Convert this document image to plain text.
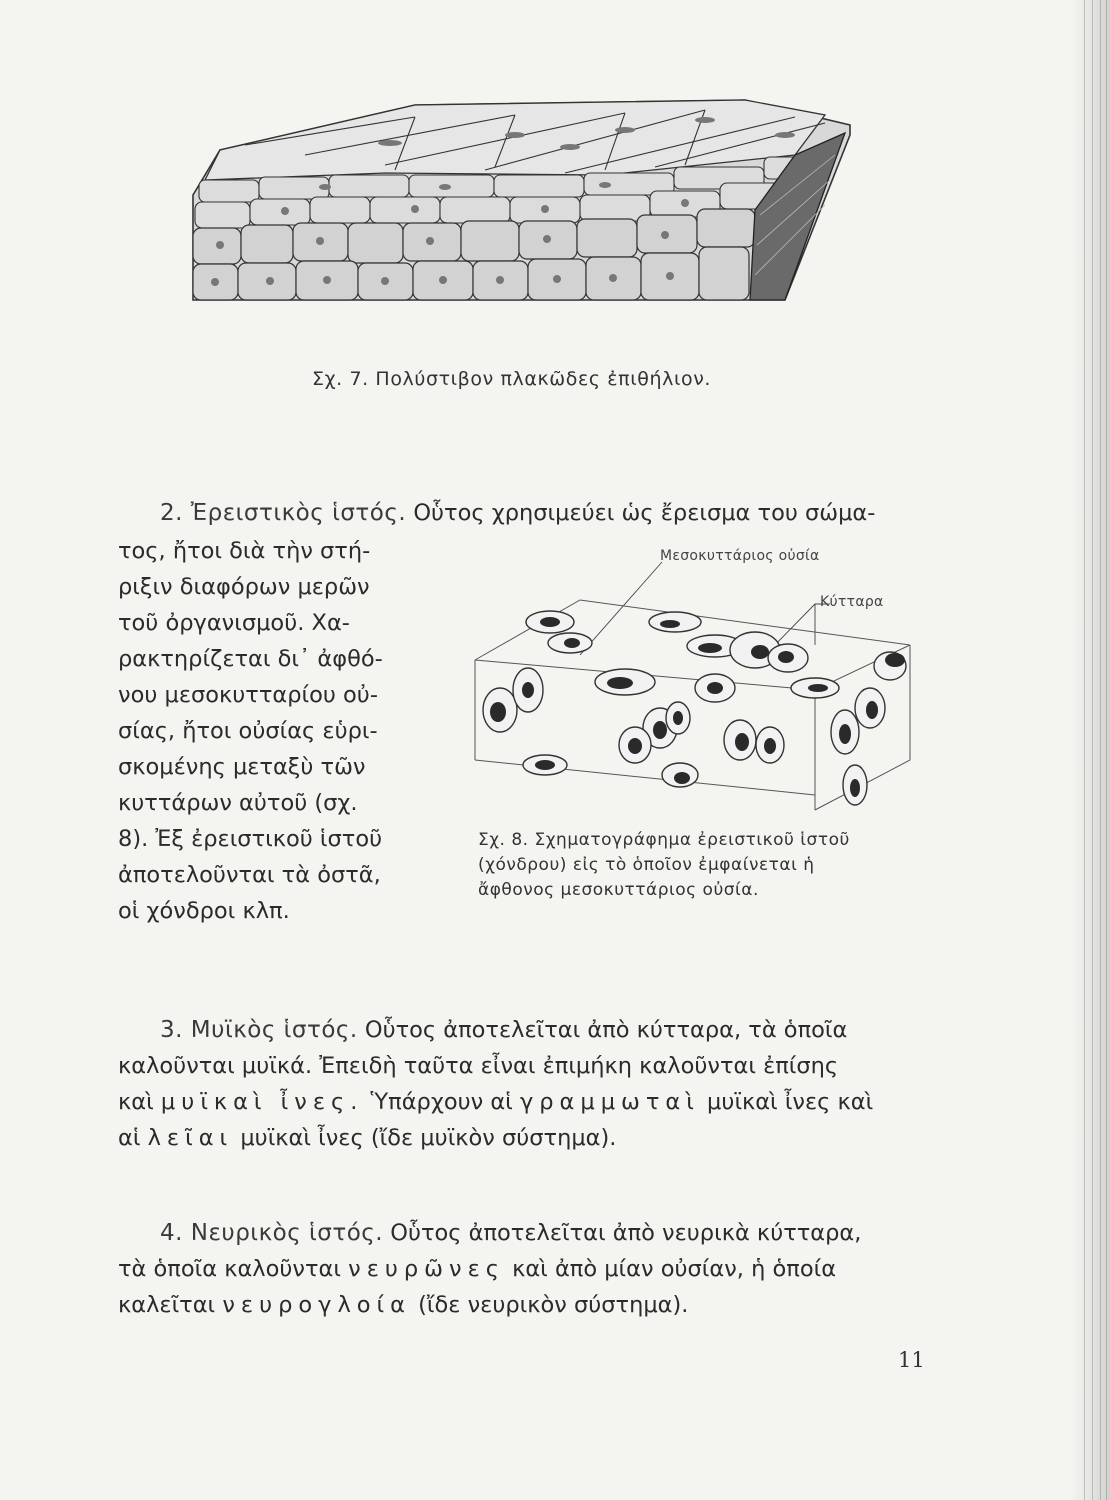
Σχ. 7. Πολύστιβον πλακῶδες ἐπιθήλιον.
2. Ἐρειστικὸς ἱστός. Οὗτος χρησιμεύει ὡς ἔρεισμα του σώμα-
τος, ἤτοι διὰ τὴν στή-
ριξιν διαφόρων μερῶν
τοῦ ὀργανισμοῦ. Χα-
ρακτηρίζεται δι᾿ ἀφθό-
νου μεσοκυτταρίου οὐ-
σίας, ἤτοι οὐσίας εὑρι-
σκομένης μεταξὺ τῶν
κυττάρων αὐτοῦ (σχ.
8). Ἐξ ἐρειστικοῦ ἱστοῦ
ἀποτελοῦνται τὰ ὀστᾶ,
οἱ χόνδροι κλπ.
Μεσοκυττάριος οὐσία
Κύτταρα
Σχ. 8. Σχηματογράφημα ἐρειστικοῦ ἱστοῦ
(χόνδρου) εἰς τὸ ὁποῖον ἐμφαίνεται ἡ
ἄφθονος μεσοκυττάριος οὐσία.
3. Μυϊκὸς ἱστός. Οὗτος ἀποτελεῖται ἀπὸ κύτταρα, τὰ ὁποῖα
καλοῦνται μυϊκά. Ἐπειδὴ ταῦτα εἶναι ἐπιμήκη καλοῦνται ἐπίσης
καὶ μυϊκαὶ ἶνες. Ὑπάρχουν αἱ γραμμωταὶ μυϊκαὶ ἶνες καὶ
αἱ λεῖαι μυϊκαὶ ἶνες (ἴδε μυϊκὸν σύστημα).
4. Νευρικὸς ἱστός. Οὗτος ἀποτελεῖται ἀπὸ νευρικὰ κύτταρα,
τὰ ὁποῖα καλοῦνται νευρῶνες καὶ ἀπὸ μίαν οὐσίαν, ἡ ὁποία
καλεῖται νευρογλοία (ἴδε νευρικὸν σύστημα).
11
